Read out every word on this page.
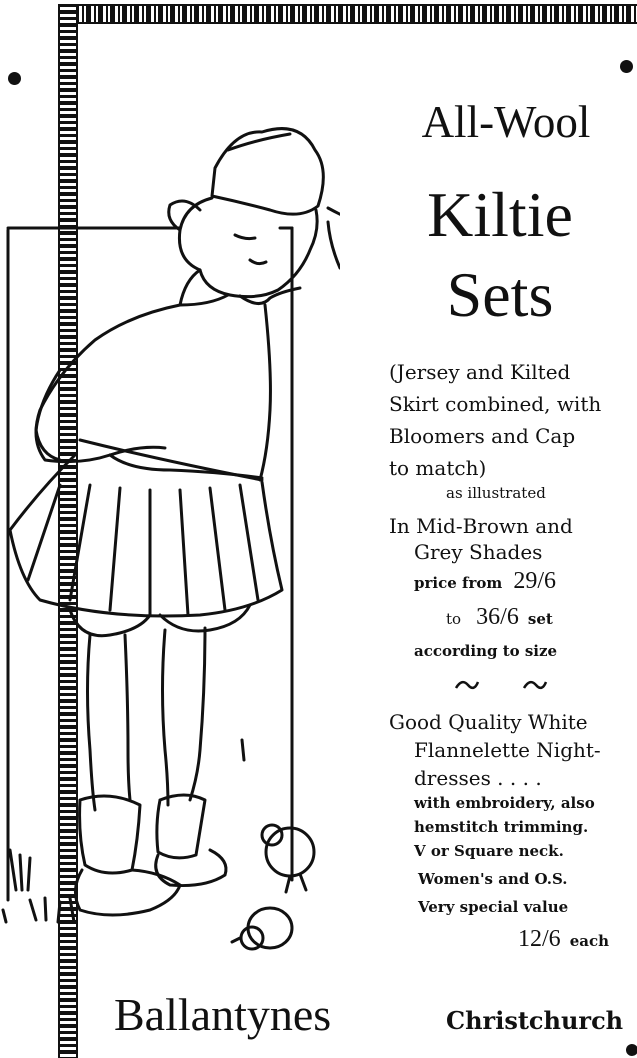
All-Wool
Kiltie
Sets
(Jersey and Kilted
Skirt combined, with
Bloomers and Cap
to match)
as illustrated
In Mid-Brown and
Grey Shades
price from 29/6
to 36/6 set
according to size
Good Quality White
Flannelette Night-
dresses . . . .
with embroidery, also
hemstitch trimming.
V or Square neck.
Women's and O.S.
Very special value
12/6 each
Ballantynes	Christchurch
